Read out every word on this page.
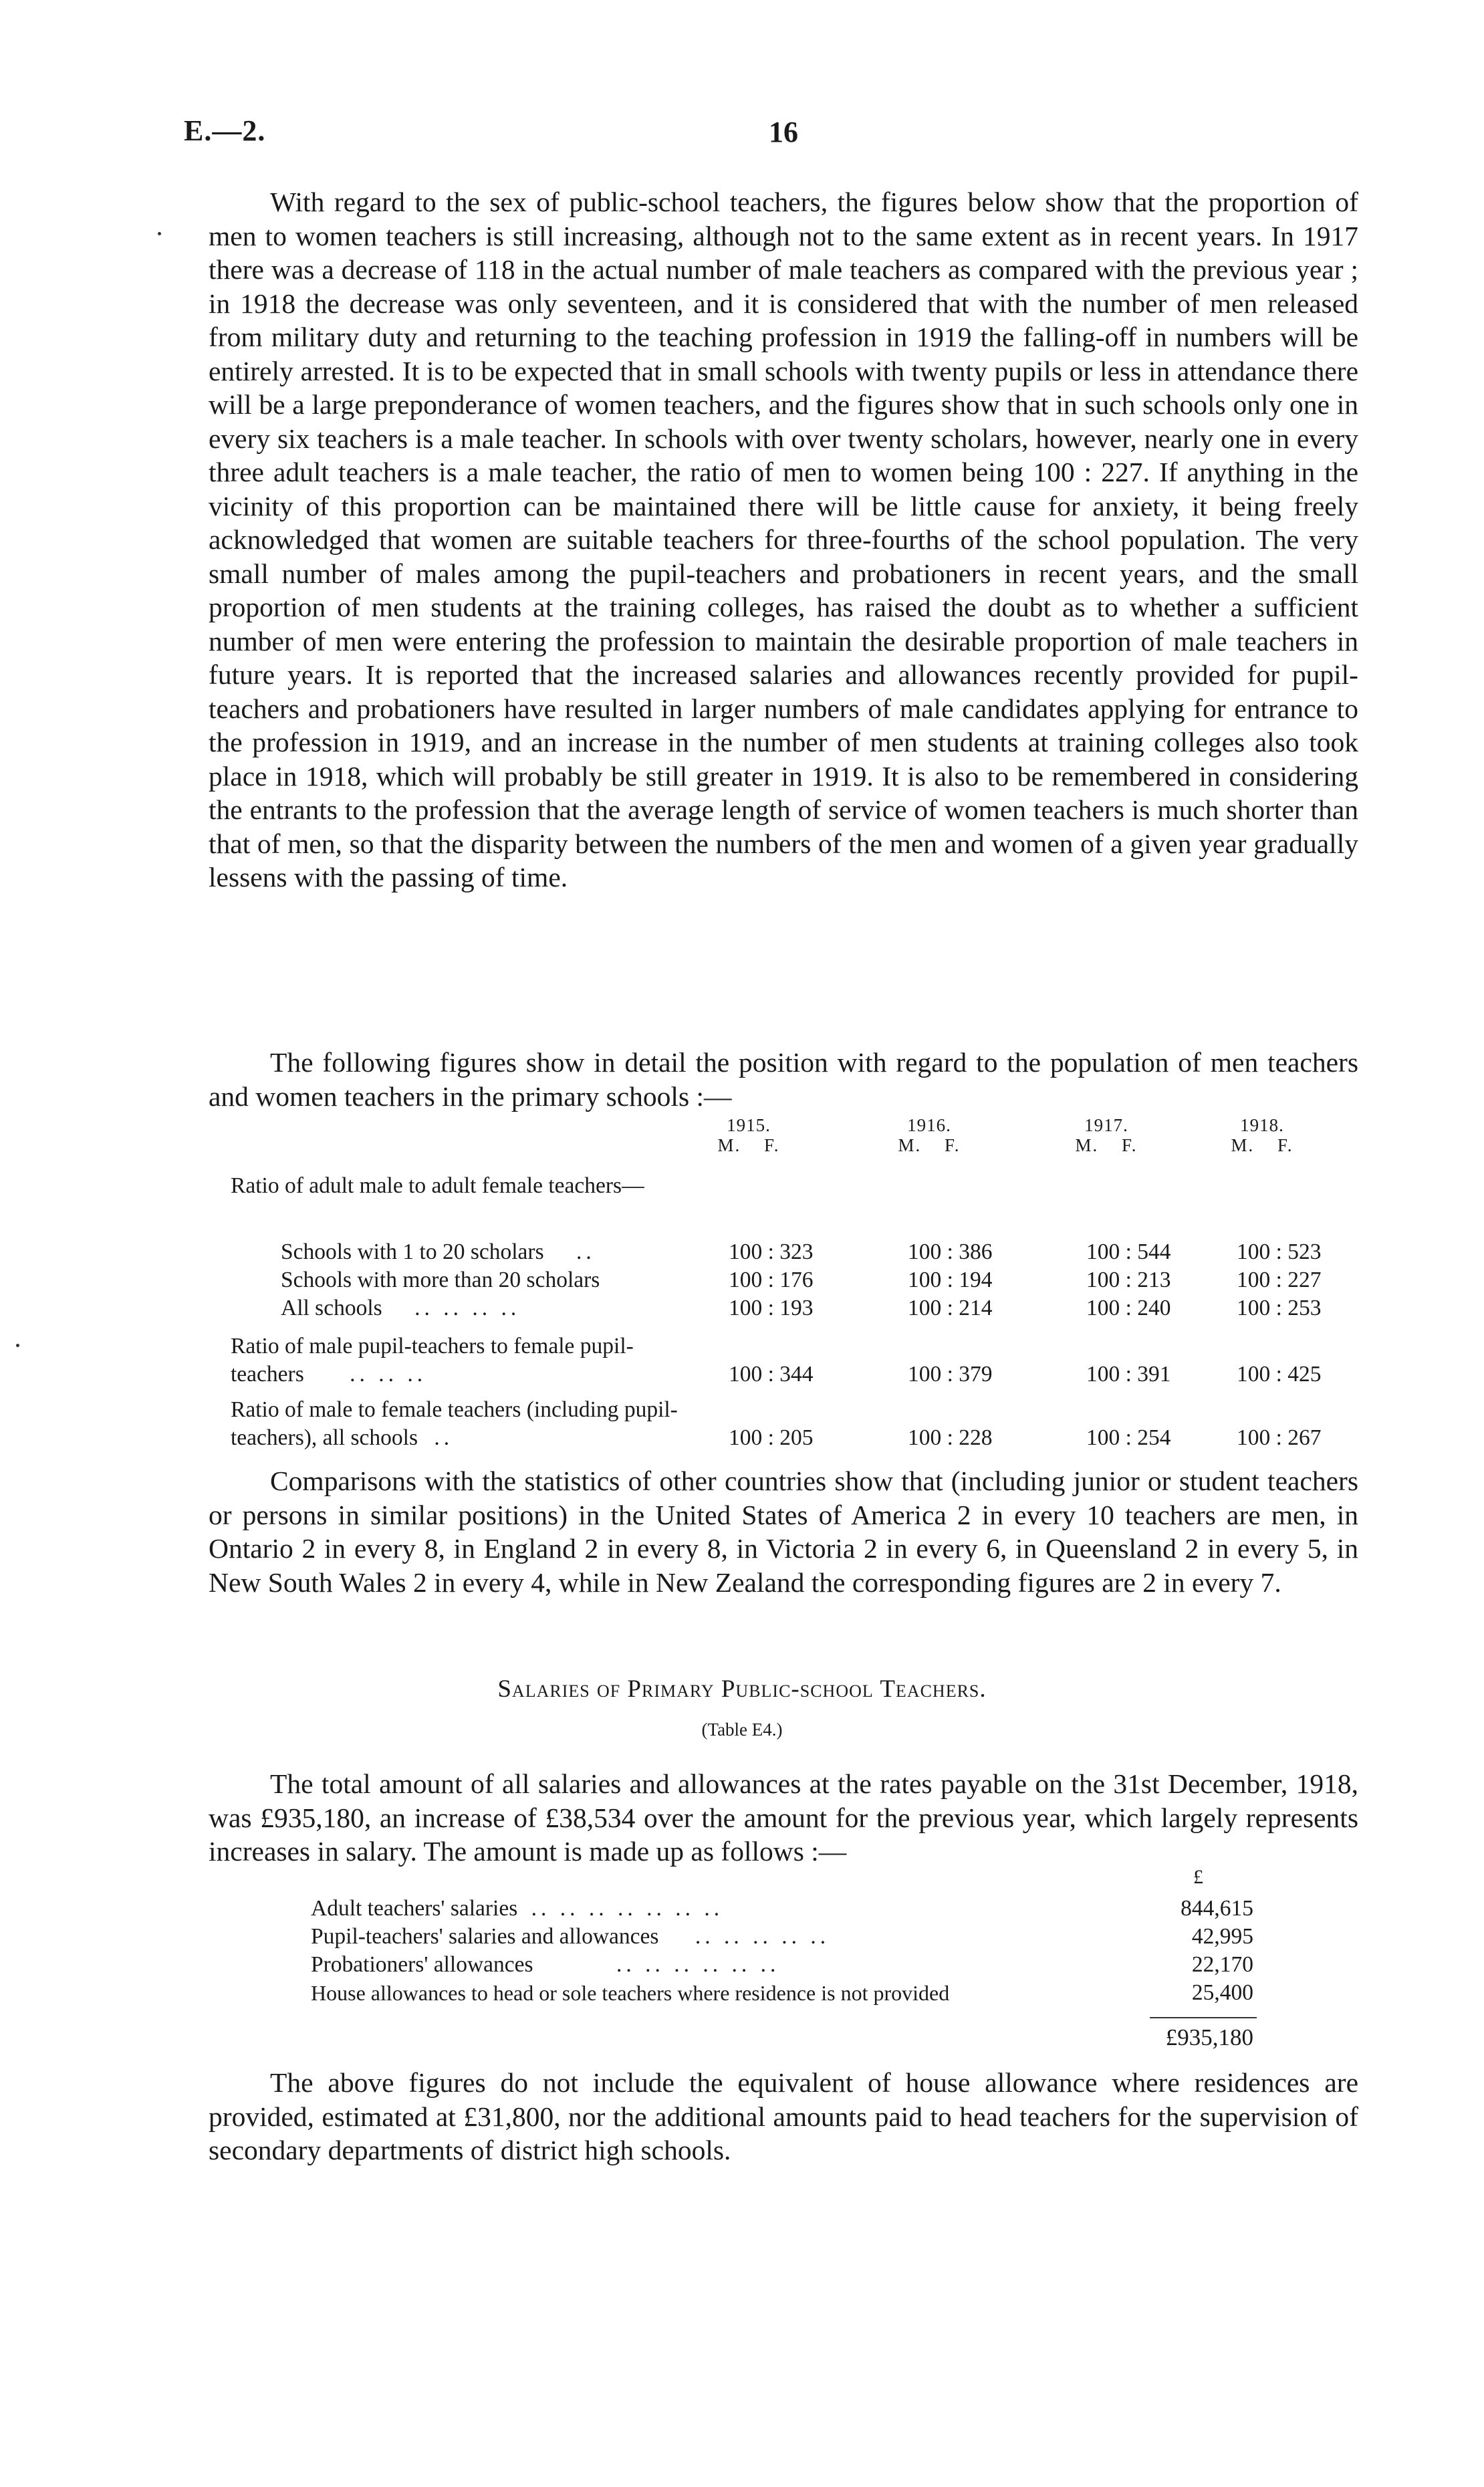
E.—2.	16

With regard to the sex of public-school teachers, the figures below show that the proportion of men to women teachers is still increasing, although not to the same extent as in recent years. In 1917 there was a decrease of 118 in the actual number of male teachers as compared with the previous year ; in 1918 the decrease was only seventeen, and it is considered that with the number of men released from military duty and returning to the teaching profession in 1919 the falling-off in numbers will be entirely arrested. It is to be expected that in small schools with twenty pupils or less in attendance there will be a large preponderance of women teachers, and the figures show that in such schools only one in every six teachers is a male teacher. In schools with over twenty scholars, however, nearly one in every three adult teachers is a male teacher, the ratio of men to women being 100 : 227. If anything in the vicinity of this proportion can be maintained there will be little cause for anxiety, it being freely acknowledged that women are suitable teachers for three-fourths of the school population. The very small number of males among the pupil-teachers and probationers in recent years, and the small proportion of men students at the training colleges, has raised the doubt as to whether a sufficient number of men were entering the profession to maintain the desirable proportion of male teachers in future years. It is reported that the increased salaries and allowances recently provided for pupil-teachers and probationers have resulted in larger numbers of male candidates applying for entrance to the profession in 1919, and an increase in the number of men students at training colleges also took place in 1918, which will probably be still greater in 1919. It is also to be remembered in considering the entrants to the profession that the average length of service of women teachers is much shorter than that of men, so that the disparity between the numbers of the men and women of a given year gradually lessens with the passing of time.

The following figures show in detail the position with regard to the population of men teachers and women teachers in the primary schools :—

1915.
M. F.
1916.
M. F.
1917.
M. F.
1918.
M. F.
Ratio of adult male to adult female teachers—
Schools with 1 to 20 scholars ..	100 : 323	100 : 386	100 : 544	100 : 523
Schools with more than 20 scholars	100 : 176	100 : 194	100 : 213	100 : 227
All schools .. .. .. ..	100 : 193	100 : 214	100 : 240	100 : 253
Ratio of male pupil-teachers to female pupil-teachers .. .. ..	100 : 344	100 : 379	100 : 391	100 : 425
Ratio of male to female teachers (including pupil-teachers), all schools ..	100 : 205	100 : 228	100 : 254	100 : 267

Comparisons with the statistics of other countries show that (including junior or student teachers or persons in similar positions) in the United States of America 2 in every 10 teachers are men, in Ontario 2 in every 8, in England 2 in every 8, in Victoria 2 in every 6, in Queensland 2 in every 5, in New South Wales 2 in every 4, while in New Zealand the corresponding figures are 2 in every 7.

Salaries of Primary Public-school Teachers.
(Table E4.)

The total amount of all salaries and allowances at the rates payable on the 31st December, 1918, was £935,180, an increase of £38,534 over the amount for the previous year, which largely represents increases in salary. The amount is made up as follows :—

£
Adult teachers' salaries .. .. .. .. .. .. ..	844,615
Pupil-teachers' salaries and allowances .. .. .. .. ..	42,995
Probationers' allowances	.. .. .. .. .. ..	22,170
House allowances to head or sole teachers where residence is not provided	25,400
£935,180

The above figures do not include the equivalent of house allowance where residences are provided, estimated at £31,800, nor the additional amounts paid to head teachers for the supervision of secondary departments of district high schools.
